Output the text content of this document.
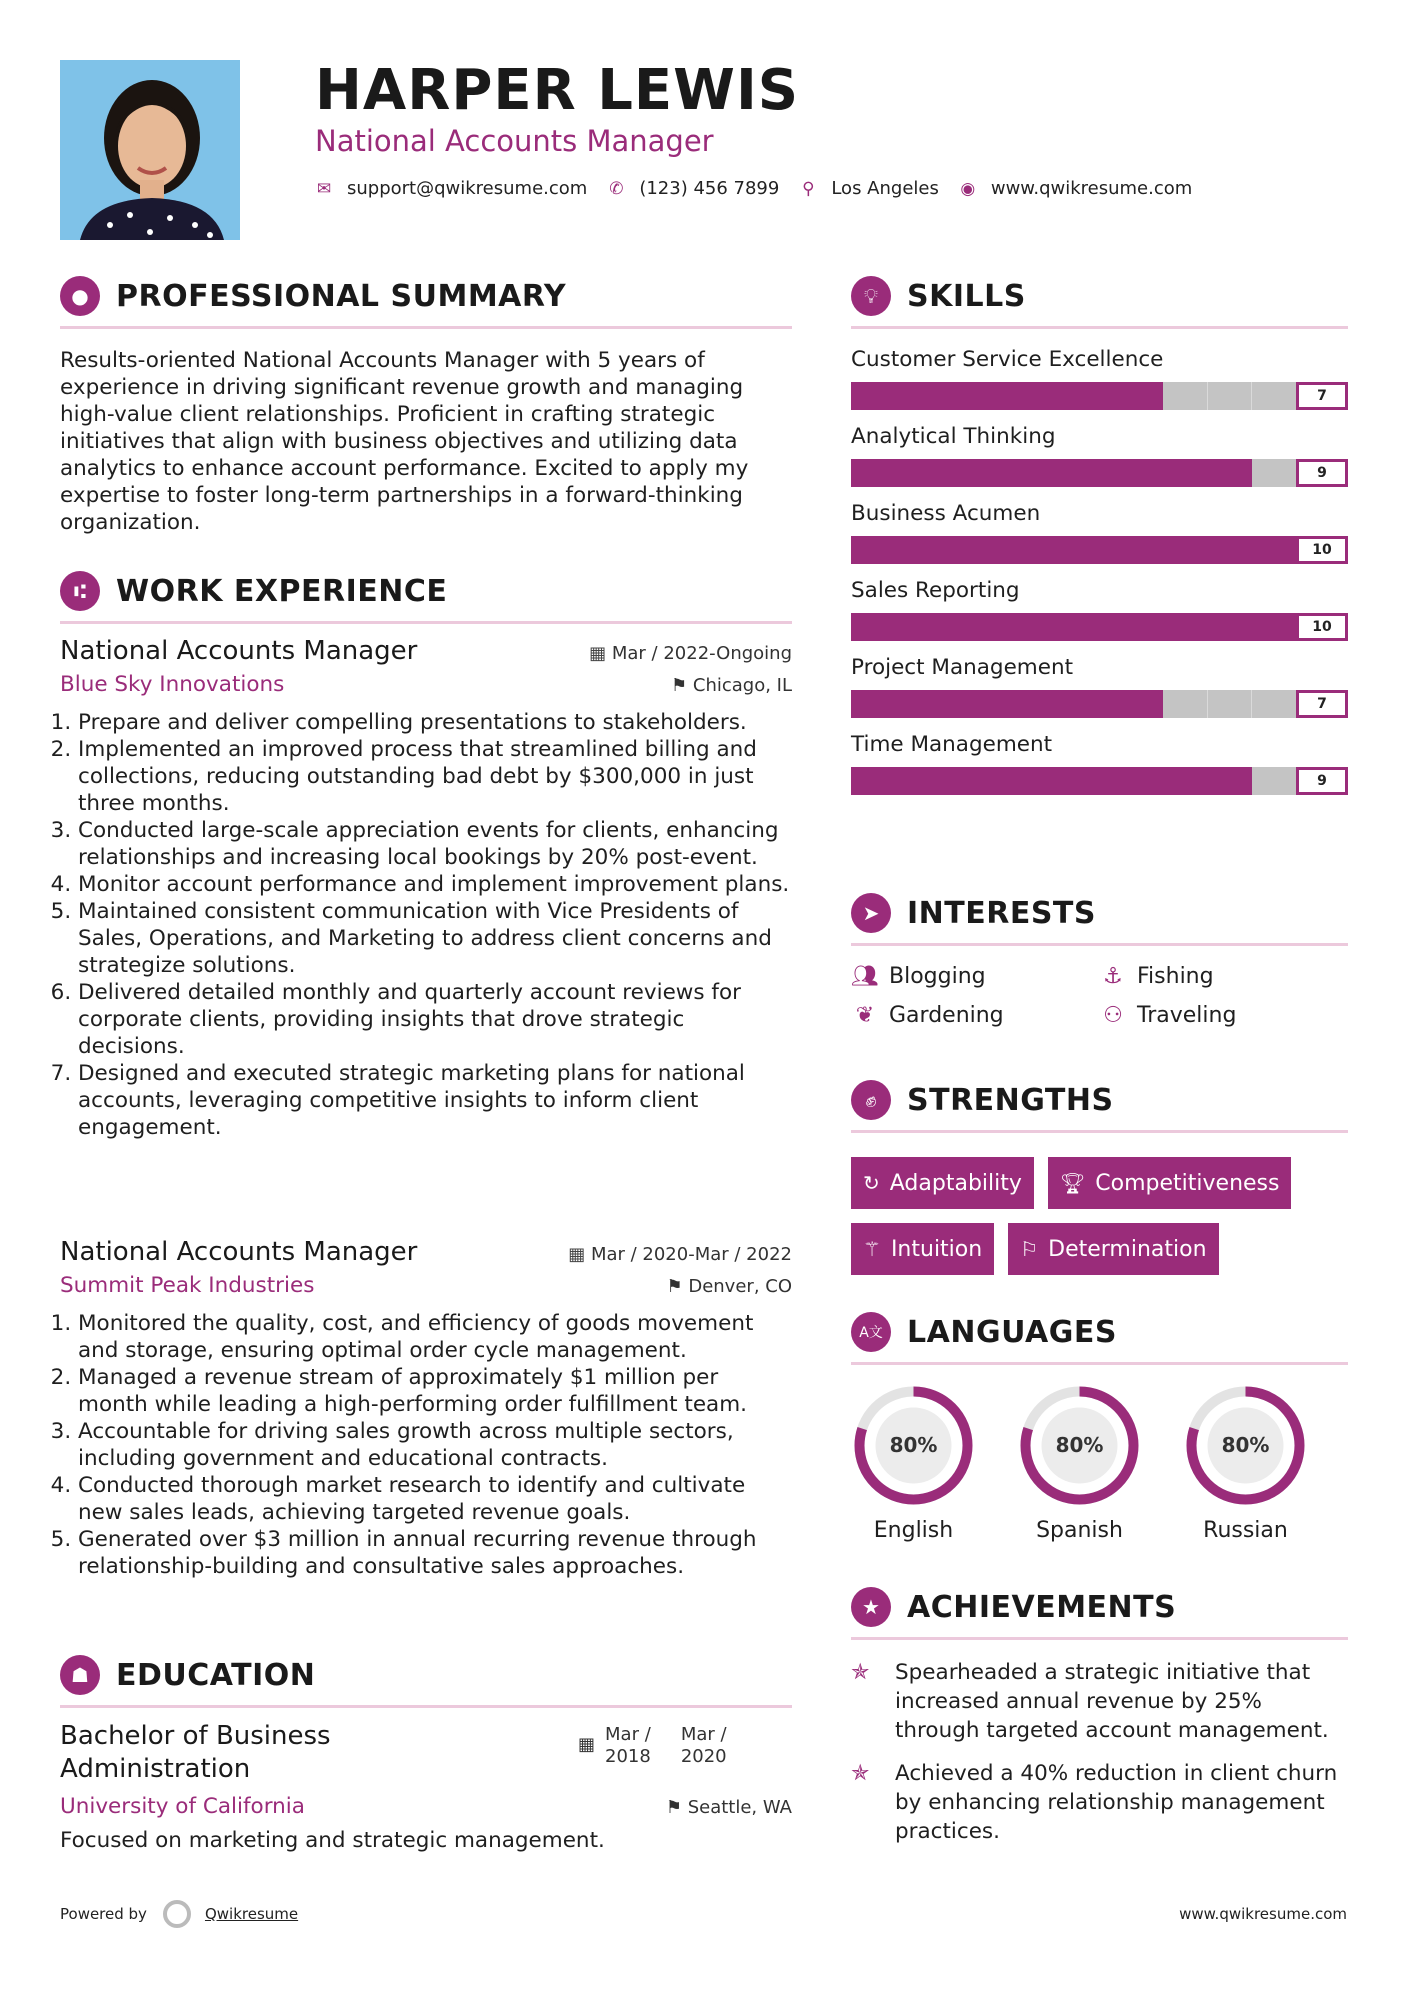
HARPER LEWIS
National Accounts Manager
✉ support@qwikresume.com ✆ (123) 456 7899 ⚲ Los Angeles ◉ www.qwikresume.com
● PROFESSIONAL SUMMARY
Results-oriented National Accounts Manager with 5 years of experience in driving significant revenue growth and managing high-value client relationships. Proficient in crafting strategic initiatives that align with business objectives and utilizing data analytics to enhance account performance. Excited to apply my expertise to foster long-term partnerships in a forward-thinking organization.
⑆	WORK EXPERIENCE
National Accounts Manager	▦ Mar / 2022-Ongoing
Blue Sky Innovations	⚑ Chicago, IL
1. Prepare and deliver compelling presentations to stakeholders.
2. Implemented an improved process that streamlined billing and collections, reducing outstanding bad debt by $300,000 in just three months.
3. Conducted large-scale appreciation events for clients, enhancing relationships and increasing local bookings by 20% post-event.
4. Monitor account performance and implement improvement plans.
5. Maintained consistent communication with Vice Presidents of Sales, Operations, and Marketing to address client concerns and strategize solutions.
6. Delivered detailed monthly and quarterly account reviews for corporate clients, providing insights that drove strategic decisions.
7. Designed and executed strategic marketing plans for national accounts, leveraging competitive insights to inform client engagement.
National Accounts Manager	▦ Mar / 2020-Mar / 2022
Summit Peak Industries	⚑ Denver, CO
1. Monitored the quality, cost, and efficiency of goods movement and storage, ensuring optimal order cycle management.
2. Managed a revenue stream of approximately $1 million per month while leading a high-performing order fulfillment team.
3. Accountable for driving sales growth across multiple sectors, including government and educational contracts.
4. Conducted thorough market research to identify and cultivate new sales leads, achieving targeted revenue goals.
5. Generated over $3 million in annual recurring revenue through relationship-building and consultative sales approaches.
☗ EDUCATION
Bachelor of Business
Administration
▦ Mar /
2018
Mar /
2020
University of California	⚑ Seattle, WA
Focused on marketing and strategic management.
💡︎ SKILLS
Customer Service Excellence
7
Analytical Thinking
9
Business Acumen
10
Sales Reporting
10
Project Management
7
Time Management
9
➤ INTERESTS
👥︎ Blogging	⚓︎ Fishing
❦ Gardening	⚇ Traveling
✊︎	STRENGTHS
↻ Adaptability 🏆︎ Competitiveness
⚚ Intuition ⚐ Determination
A文 LANGUAGES
80%
English
80%
Spanish
80%
Russian
★ ACHIEVEMENTS
✯	Spearheaded a strategic initiative that increased annual revenue by 25% through targeted account management.
✯	Achieved a 40% reduction in client churn by enhancing relationship management practices.
Powered by	Qwikresume	www.qwikresume.com
